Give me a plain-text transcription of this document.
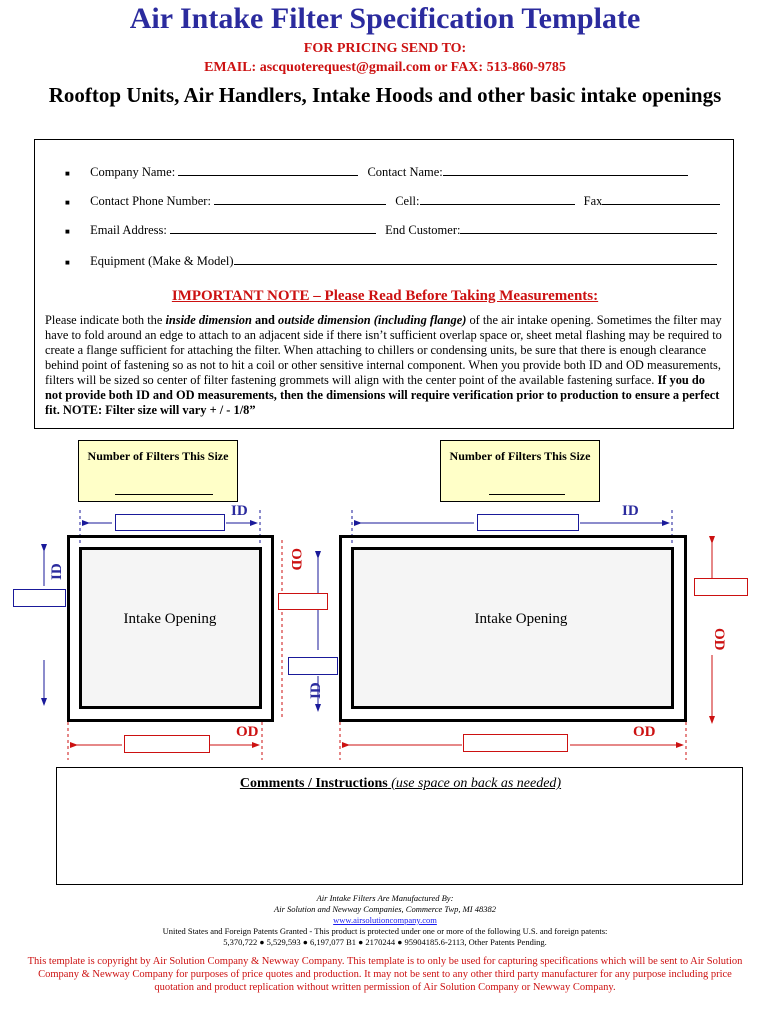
Air Intake Filter Specification Template
FOR PRICING SEND TO:
EMAIL: ascquoterequest@gmail.com or FAX: 513-860-9785
Rooftop Units, Air Handlers, Intake Hoods and other basic intake openings
■ Company Name:	Contact Name:
■ Contact Phone Number:	Cell:	Fax
■ Email Address:	End Customer:
■ Equipment (Make & Model)
IMPORTANT NOTE – Please Read Before Taking Measurements:
Please indicate both the inside dimension and outside dimension (including flange) of the air intake opening. Sometimes the filter may have to fold around an edge to attach to an adjacent side if there isn’t sufficient overlap space or, sheet metal flashing may be required to create a flange sufficient for attaching the filter. When attaching to chillers or condensing units, be sure that there is enough clearance behind point of fastening so as not to hit a coil or other sensitive internal component. When you provide both ID and OD measurements, filters will be sized so center of filter fastening grommets will align with the center point of the available fastening surface. If you do not provide both ID and OD measurements, then the dimensions will require verification prior to production to ensure a perfect fit. NOTE: Filter size will vary + / - 1/8”
Number of Filters This Size	Number of Filters This Size
Intake Opening	Intake Opening
ID
ID
OD
OD
ID
ID
OD
OD
Comments / Instructions (use space on back as needed)
Air Intake Filters Are Manufactured By:
Air Solution and Newway Companies, Commerce Twp, MI 48382
www.airsolutioncompany.com
United States and Foreign Patents Granted - This product is protected under one or more of the following U.S. and foreign patents:
5,370,722 ● 5,529,593 ● 6,197,077 B1 ● 2170244 ● 95904185.6-2113, Other Patents Pending.
This template is copyright by Air Solution Company & Newway Company. This template is to only be used for capturing specifications which will be sent to Air Solution Company & Newway Company for purposes of price quotes and production. It may not be sent to any other third party manufacturer for any purpose including price quotation and product replication without written permission of Air Solution Company or Newway Company.
